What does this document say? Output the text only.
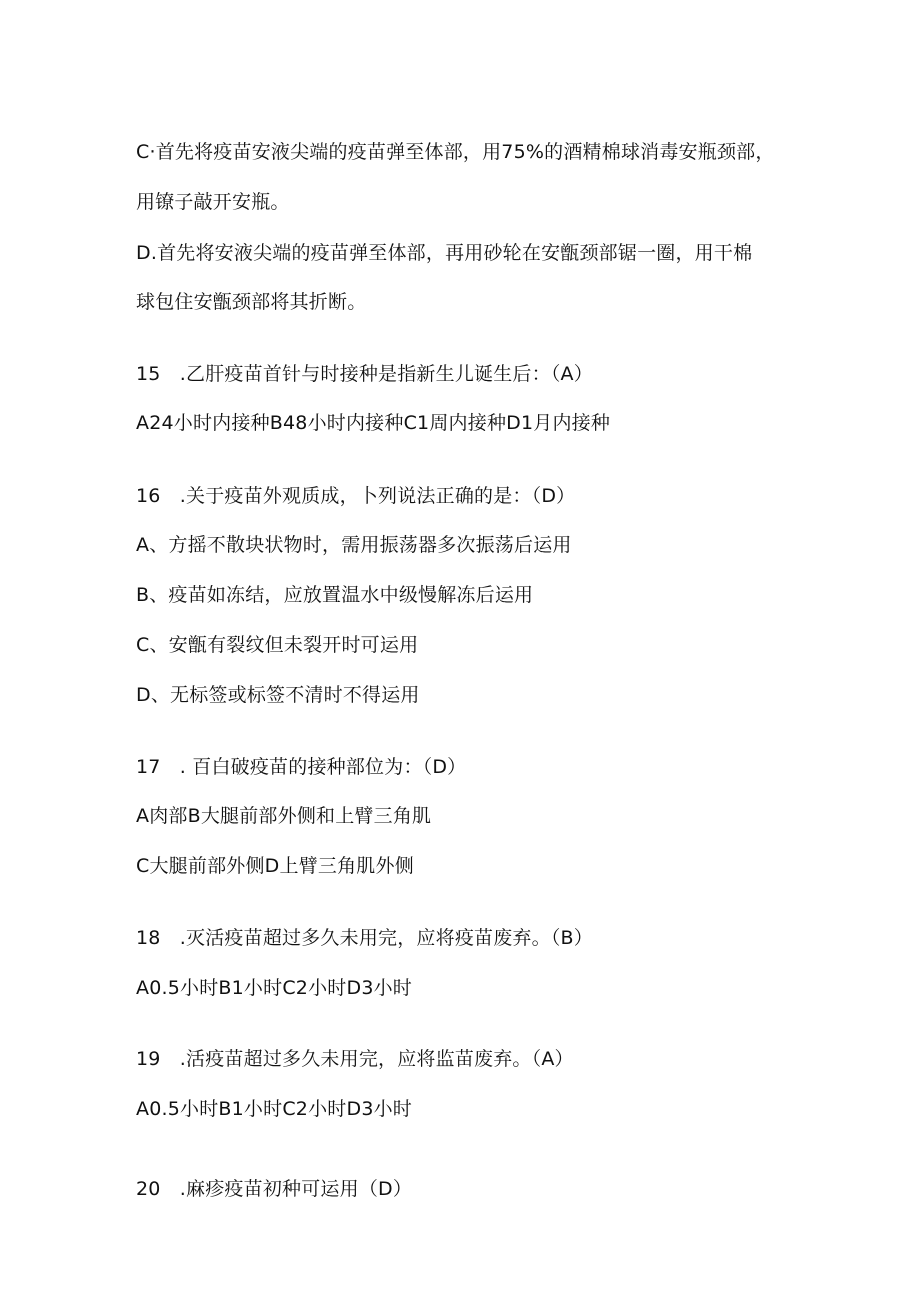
C·首先将疫苗安液尖端的疫苗弹至体部，用75%的酒精棉球消毒安瓶颈部，

用镣子敲开安瓶。

D.首先将安液尖端的疫苗弹至体部，再用砂轮在安甑颈部锯一圈，用干棉

球包住安甑颈部将其折断。

15　.乙肝疫苗首针与时接种是指新生儿诞生后：（A）

A24小时内接种B48小时内接种C1周内接种D1月内接种

16　.关于疫苗外观质成，卜列说法正确的是：（D）

A、方摇不散块状物时，需用振荡器多次振荡后运用

B、疫苗如冻结，应放置温水中级慢解冻后运用

C、安甑有裂纹但未裂开时可运用

D、无标签或标签不清时不得运用

17　. 百白破疫苗的接种部位为：（D）

A肉部B大腿前部外侧和上臂三角肌

C大腿前部外侧D上臂三角肌外侧

18　.灭活疫苗超过多久未用完，应将疫苗废弃。（B）

A0.5小时B1小时C2小时D3小时

19　.活疫苗超过多久未用完，应将监苗废弃。（A）

A0.5小时B1小时C2小时D3小时

20　.麻疹疫苗初种可运用（D）
